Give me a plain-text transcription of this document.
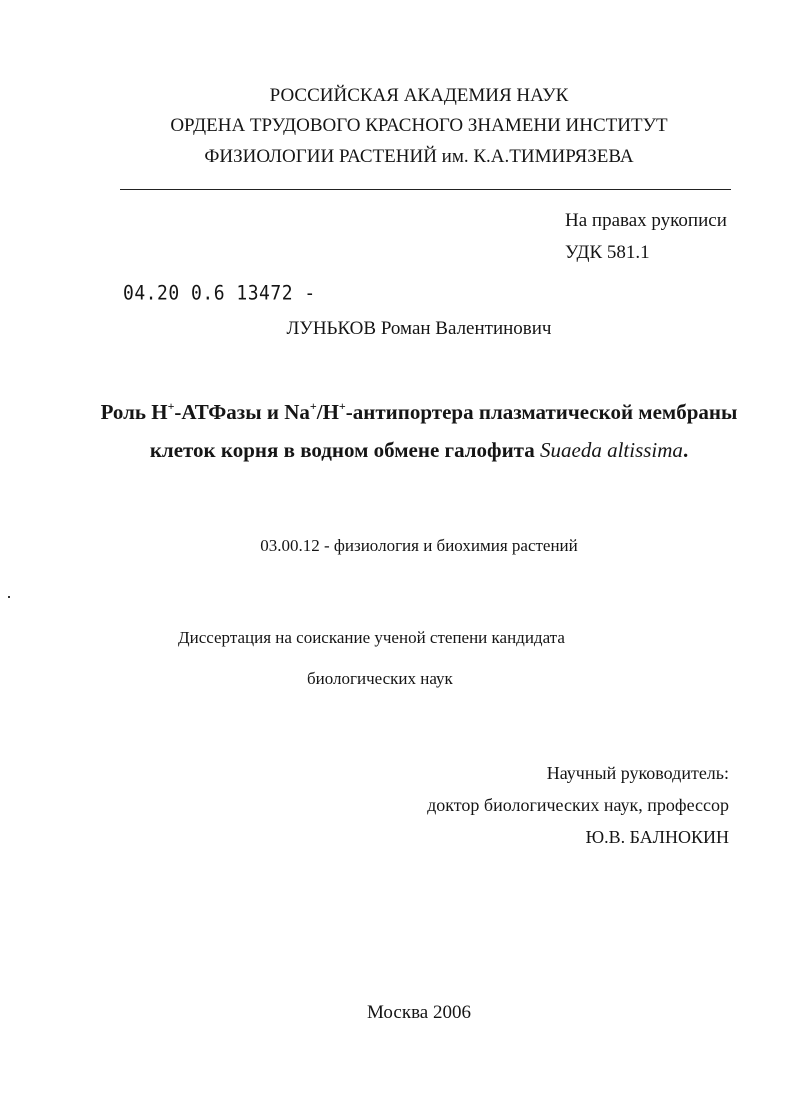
РОССИЙСКАЯ АКАДЕМИЯ НАУК
ОРДЕНА ТРУДОВОГО КРАСНОГО ЗНАМЕНИ ИНСТИТУТ
ФИЗИОЛОГИИ РАСТЕНИЙ им. К.А.ТИМИРЯЗЕВА
На правах рукописи
УДК 581.1
04.20 0.6 13472 -
ЛУНЬКОВ Роман Валентинович
Роль Н+-АТФазы и Na+/Н+-антипортера плазматической мембраны
клеток корня в водном обмене галофита Suaeda altissima.
03.00.12 - физиология и биохимия растений
Диссертация на соискание ученой степени кандидата
биологических наук
Научный руководитель:
доктор биологических наук, профессор
Ю.В. БАЛНОКИН
Москва 2006
